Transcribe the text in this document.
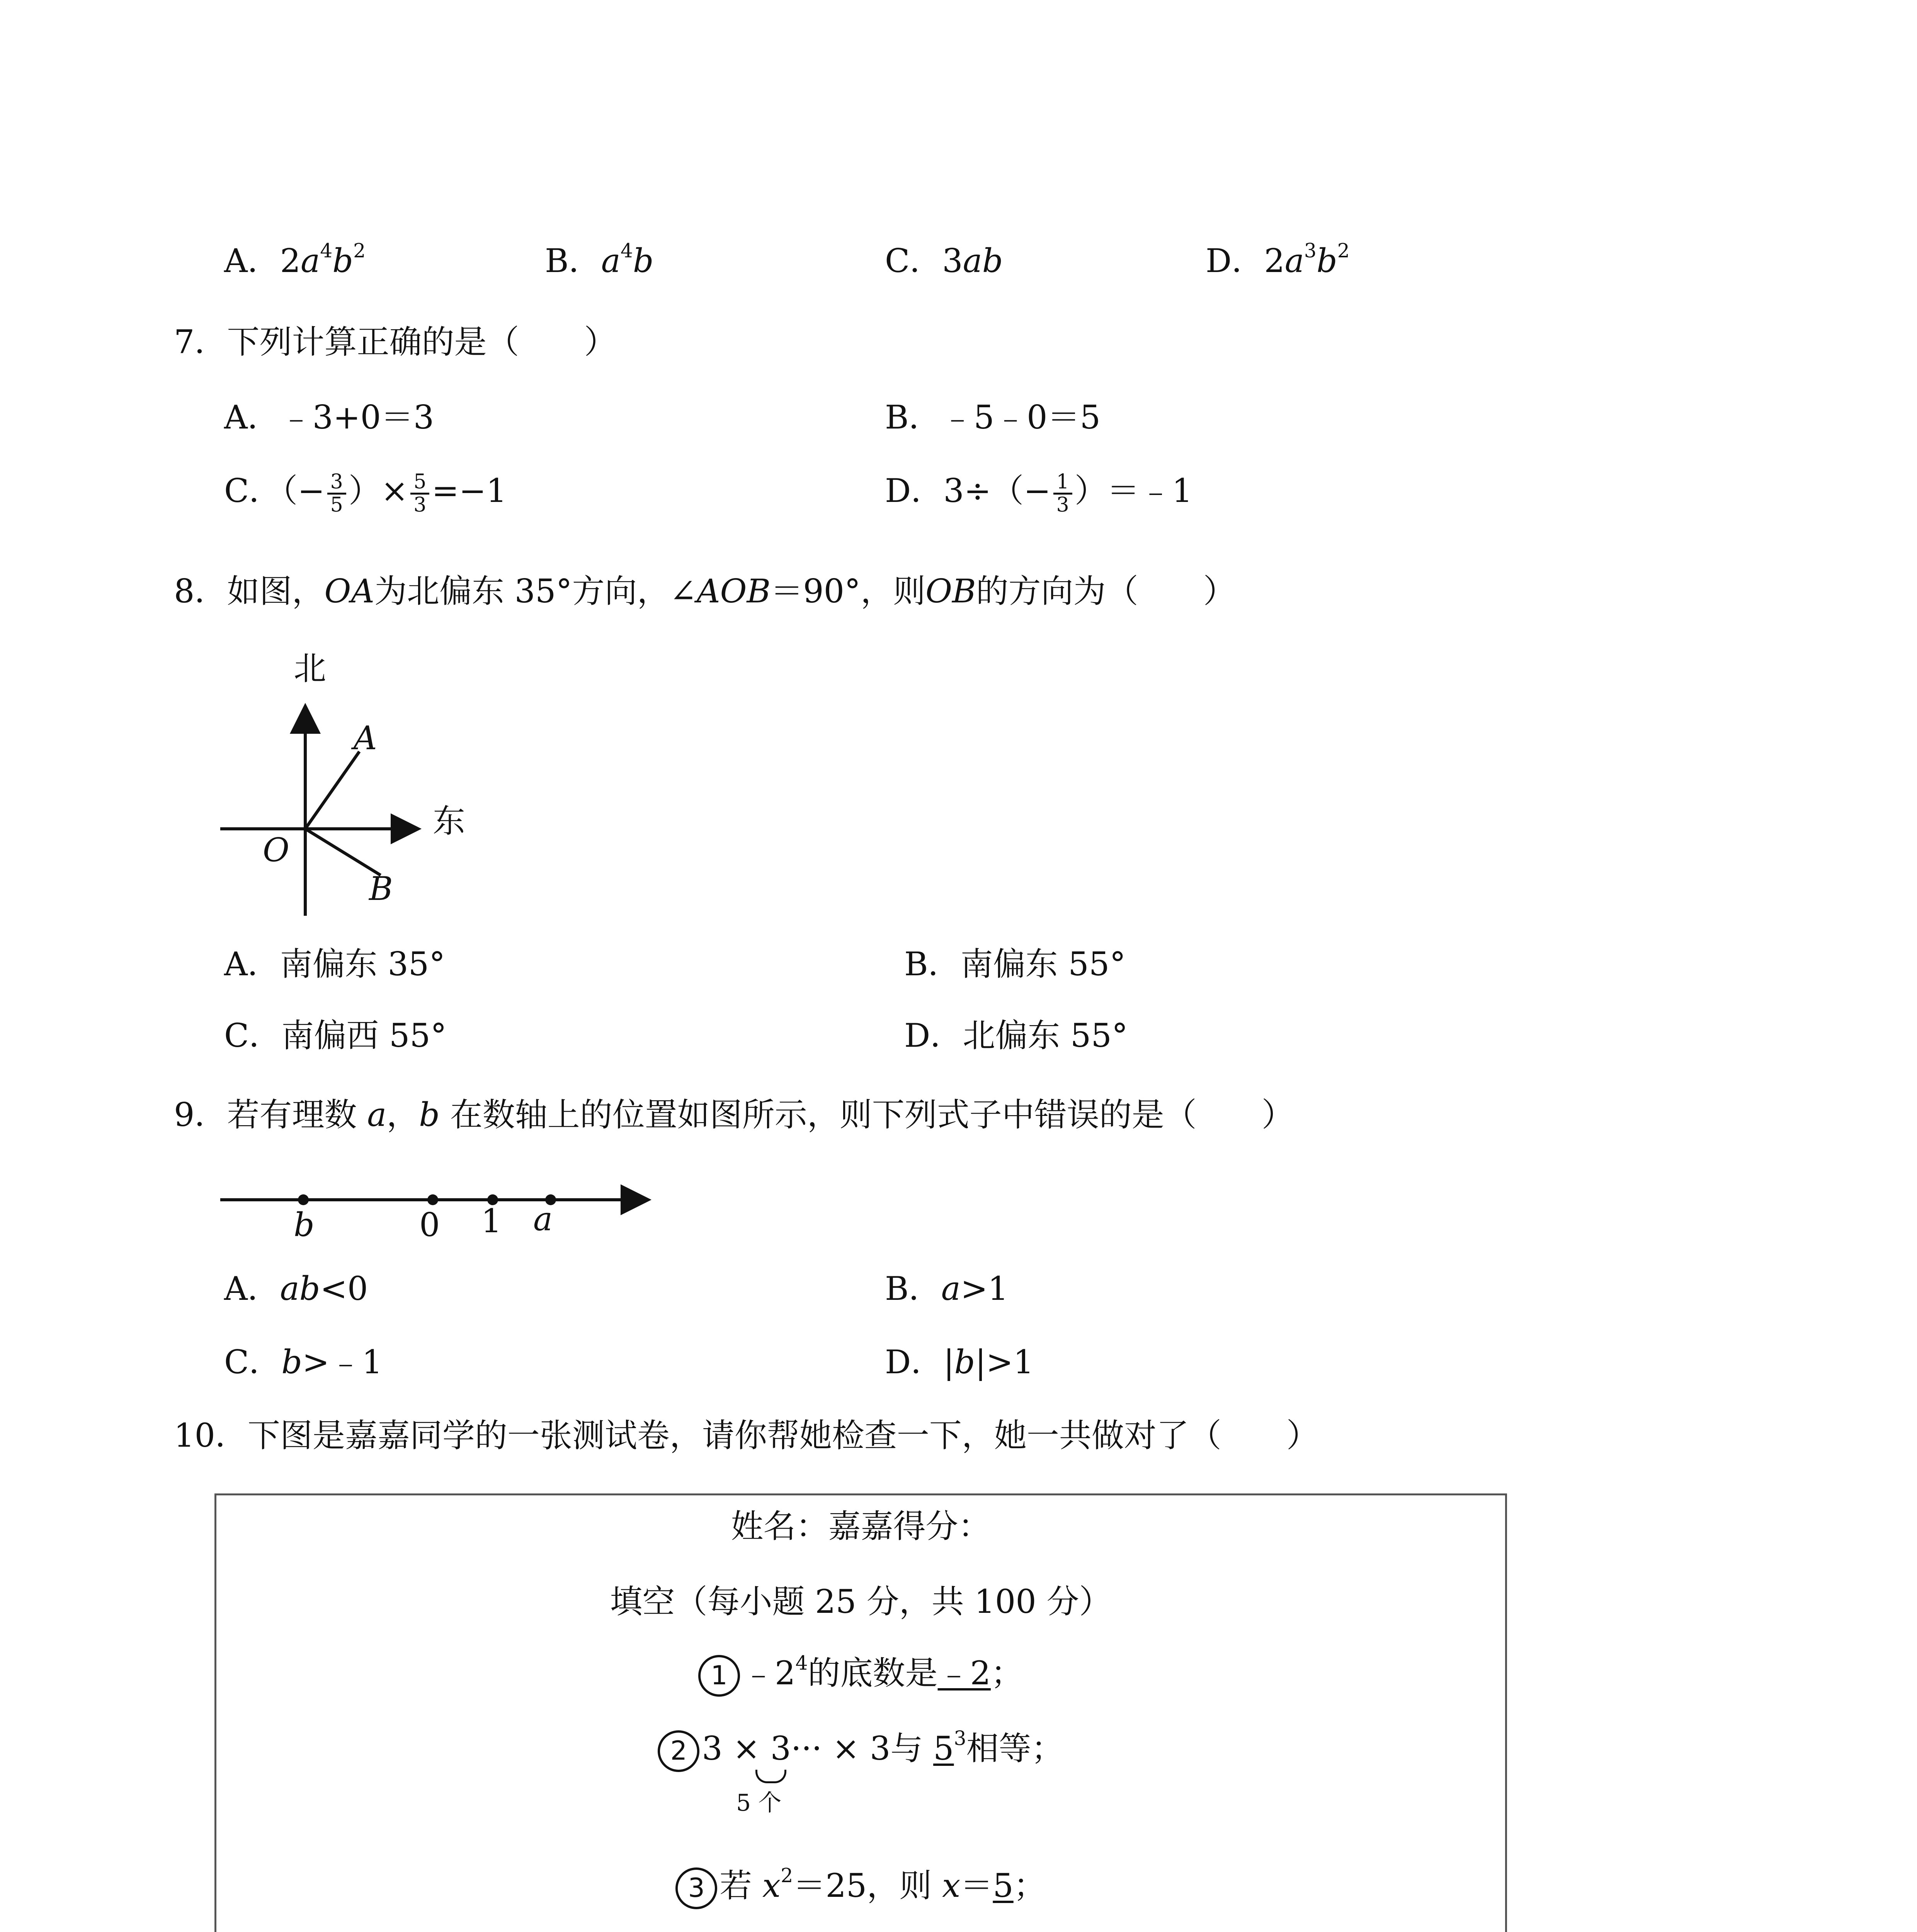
A．$2a^4b^2$	B．$a^4b$	C．3ab	D．$2a^3b^2$
7．下列计算正确的是（　　）
A．﹣3+0＝3	B．﹣5﹣0＝5
C．（− $\frac{3}{5}$ ）× $\frac{5}{3} =-1$	D．$3\div(- \frac{1}{3}$ ）＝﹣1
8．如图，OA为北偏东 35°方向，∠AOB＝90°，则OB的方向为（　　）
北
东
O
A
B
A．南偏东 35°	B．南偏东 55°
C．南偏西 55°	D．北偏东 55°
9．若有理数 a，b 在数轴上的位置如图所示，则下列式子中错误的是（　　）
b	0 1 a
A．ab<0	B．a>1
C．b>﹣1	D．|b|>1
10．下图是嘉嘉同学的一张测试卷，请你帮她检查一下，她一共做对了（　　）
姓名：嘉嘉得分：
填空（每小题 25 分，共 100 分）
1 $﹣2^4$的底数是﹣2；
2 3 × 3··· × 3与 $5^3$相等；
5 个
3 若 $x^2=25$，则 x＝5；
